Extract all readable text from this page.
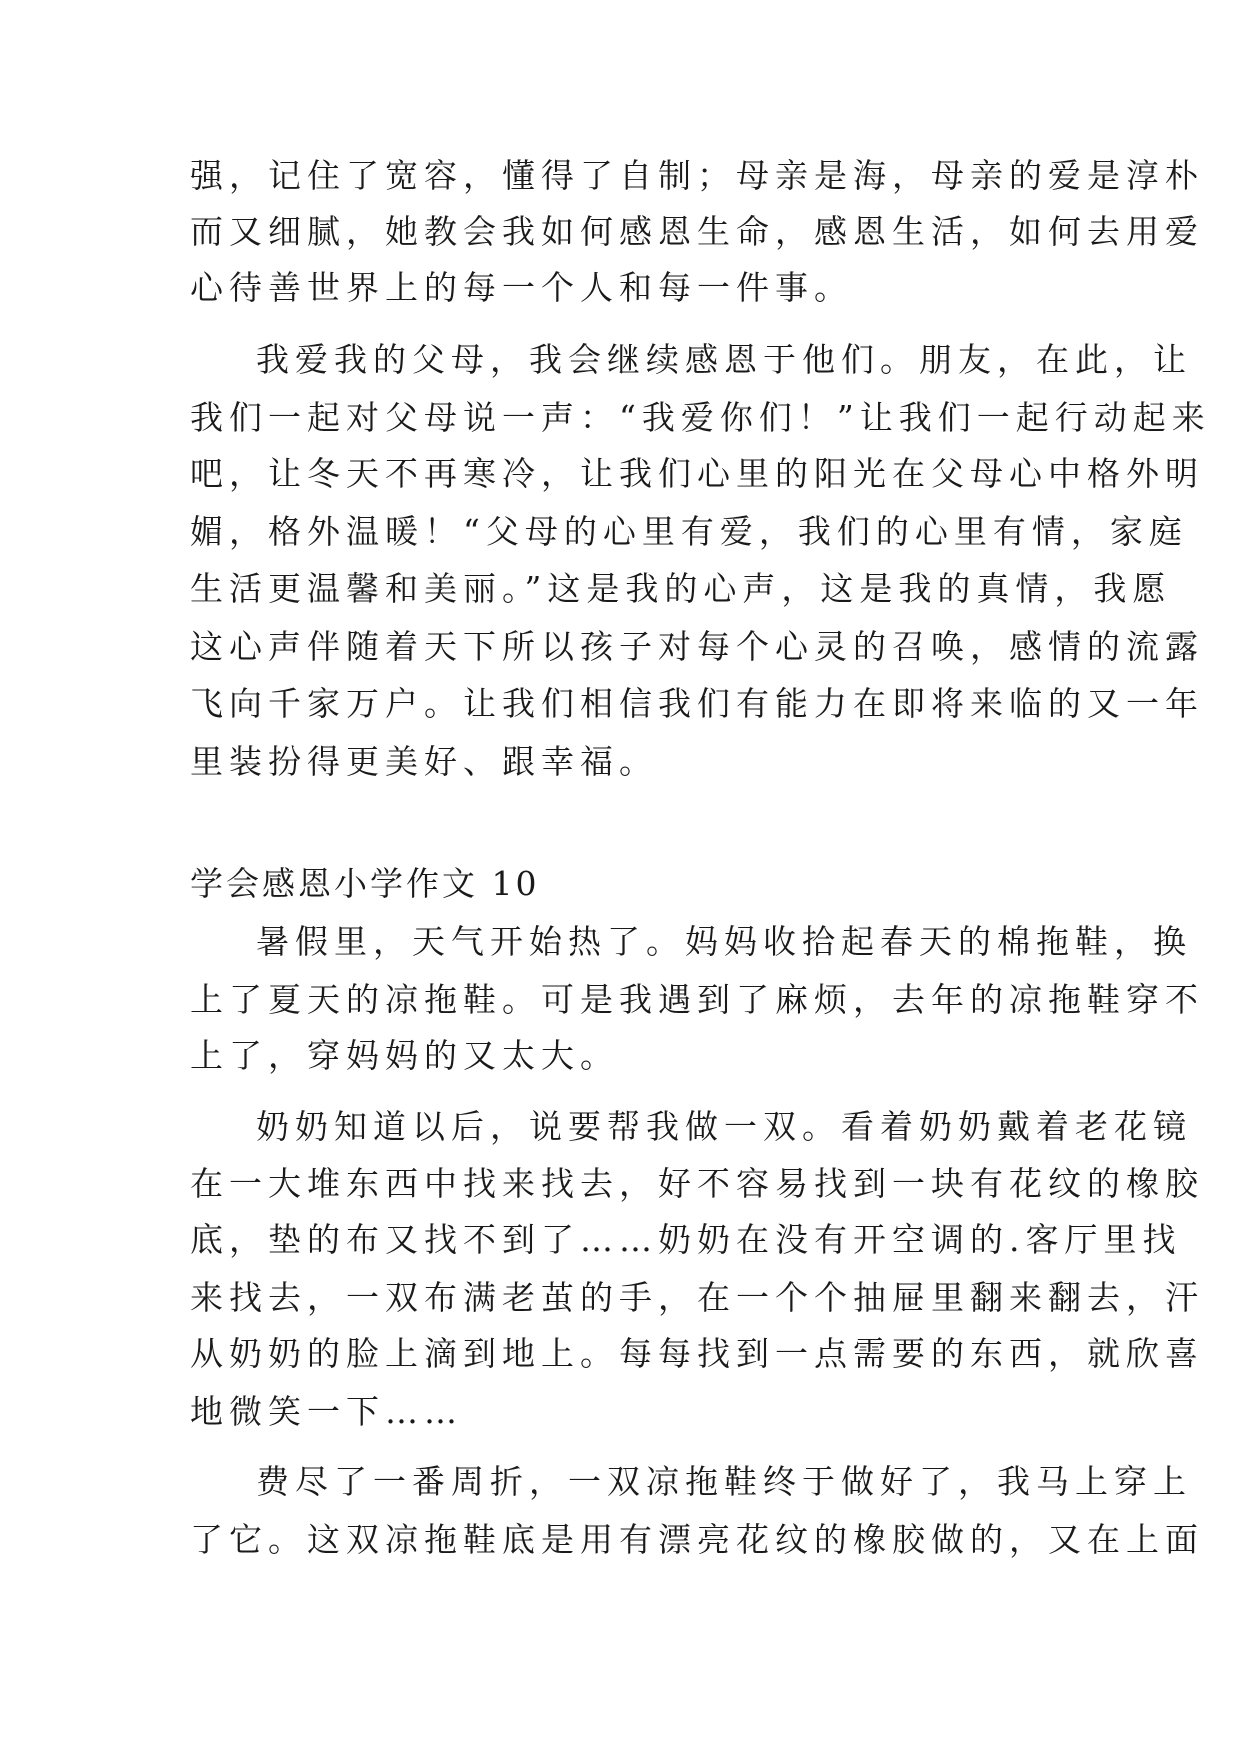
强，记住了宽容，懂得了自制；母亲是海，母亲的爱是淳朴
而又细腻，她教会我如何感恩生命，感恩生活，如何去用爱
心待善世界上的每一个人和每一件事。
我爱我的父母，我会继续感恩于他们。朋友，在此，让
我们一起对父母说一声：“我爱你们！”让我们一起行动起来
吧，让冬天不再寒冷，让我们心里的阳光在父母心中格外明
媚，格外温暖！“父母的心里有爱，我们的心里有情，家庭
生活更温馨和美丽。”这是我的心声，这是我的真情，我愿
这心声伴随着天下所以孩子对每个心灵的召唤，感情的流露
飞向千家万户。让我们相信我们有能力在即将来临的又一年
里装扮得更美好、跟幸福。
学会感恩小学作文 10
暑假里，天气开始热了。妈妈收拾起春天的棉拖鞋，换
上了夏天的凉拖鞋。可是我遇到了麻烦，去年的凉拖鞋穿不
上了，穿妈妈的又太大。
奶奶知道以后，说要帮我做一双。看着奶奶戴着老花镜
在一大堆东西中找来找去，好不容易找到一块有花纹的橡胶
底，垫的布又找不到了……奶奶在没有开空调的.客厅里找
来找去，一双布满老茧的手，在一个个抽屉里翻来翻去，汗
从奶奶的脸上滴到地上。每每找到一点需要的东西，就欣喜
地微笑一下……
费尽了一番周折，一双凉拖鞋终于做好了，我马上穿上
了它。这双凉拖鞋底是用有漂亮花纹的橡胶做的，又在上面
